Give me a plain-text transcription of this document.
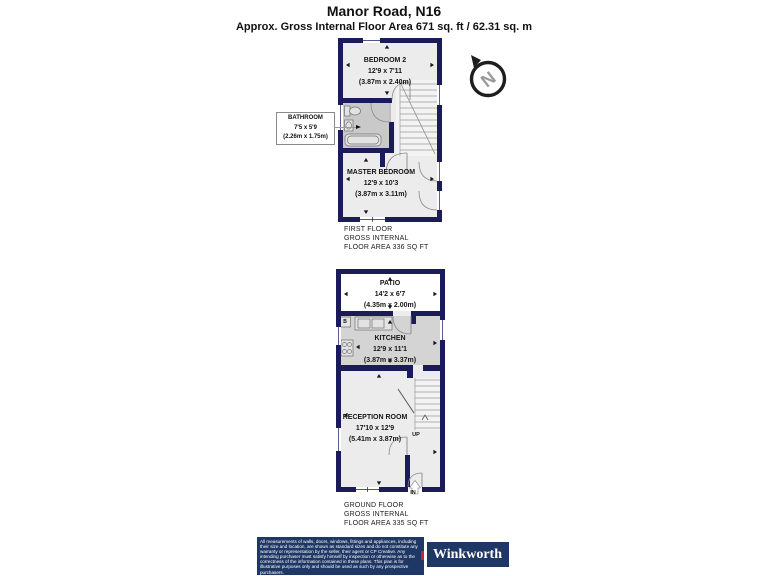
Manor Road, N16
Approx. Gross Internal Floor Area 671 sq. ft / 62.31 sq. m
BATHROOM
7'5 x 5'9
(2.26m x 1.75m)
BEDROOM 2
12'9 x 7'11
(3.87m x 2.40m)
MASTER BEDROOM
12'9 x 10'3
(3.87m x 3.11m)
N
FIRST FLOOR
GROSS INTERNAL
FLOOR AREA 336 SQ FT
PATIO
14'2 x 6'7
(4.35m x 2.00m)
KITCHEN
12'9 x 11'1
(3.87m x 3.37m)
RECEPTION ROOM
17'10 x 12'9
(5.41m x 3.87m)
B
UP
IN
GROUND FLOOR
GROSS INTERNAL
FLOOR AREA 335 SQ FT
All measurements of walls, doors, windows, fittings and appliances, including their size and location, are shown as standard sizes and do not constitute any warranty or representation by the seller, their agent or CP Creative. Any intending purchaser must satisfy himself by inspection or otherwise as to the correctness of the information contained in these plans. This plan is for illustrative purposes only and should be used as such by any prospective purchasers.
Winkworth
